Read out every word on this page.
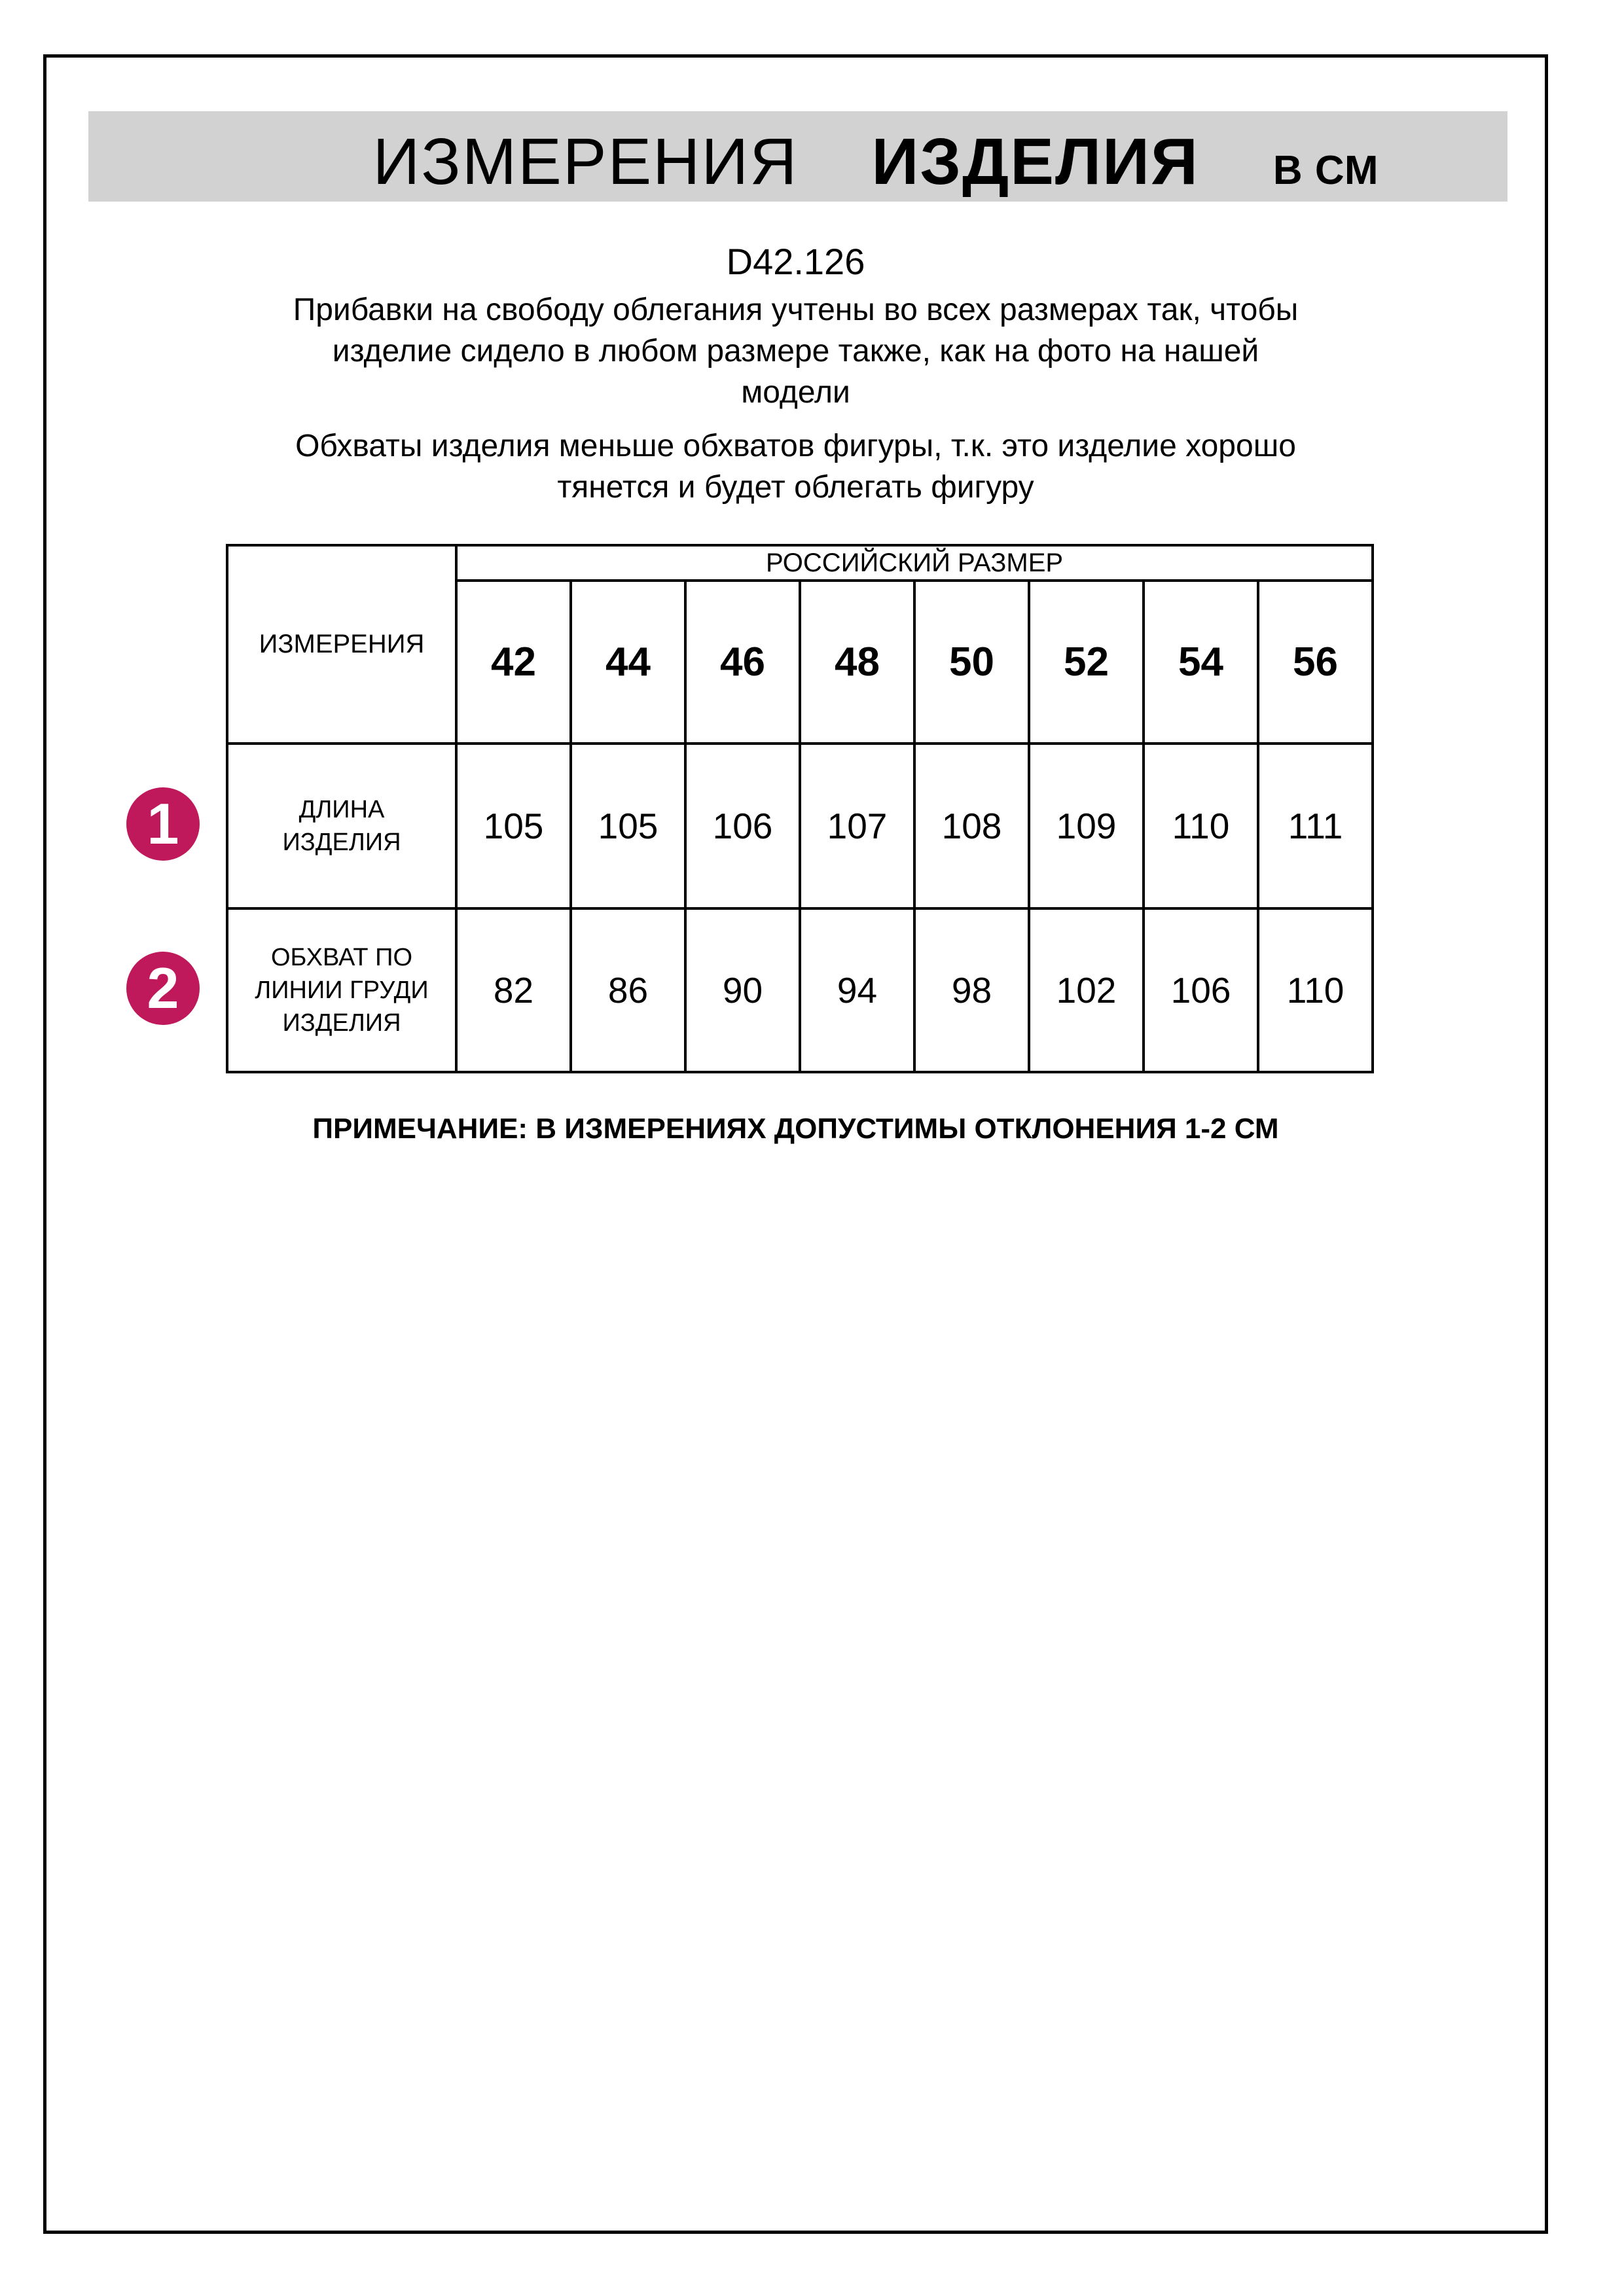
ИЗМЕРЕНИЯ ИЗДЕЛИЯ В СМ
D42.126
Прибавки на свободу облегания учтены во всех размерах так, чтобы
изделие сидело в любом размере также, как на фото на нашей
модели
Обхваты изделия меньше обхватов фигуры, т.к. это изделие хорошо
тянется и будет облегать фигуру
ИЗМЕРЕНИЯ	РОССИЙСКИЙ РАЗМЕР							
	42	44	46	48	50	52	54	56
ДЛИНА ИЗДЕЛИЯ	105	105	106	107	108	109	110	111
ОБХВАТ ПО ЛИНИИ ГРУДИ ИЗДЕЛИЯ	82	86	90	94	98	102	106	110
1
2
ПРИМЕЧАНИЕ: В ИЗМЕРЕНИЯХ ДОПУСТИМЫ ОТКЛОНЕНИЯ 1-2 СМ
